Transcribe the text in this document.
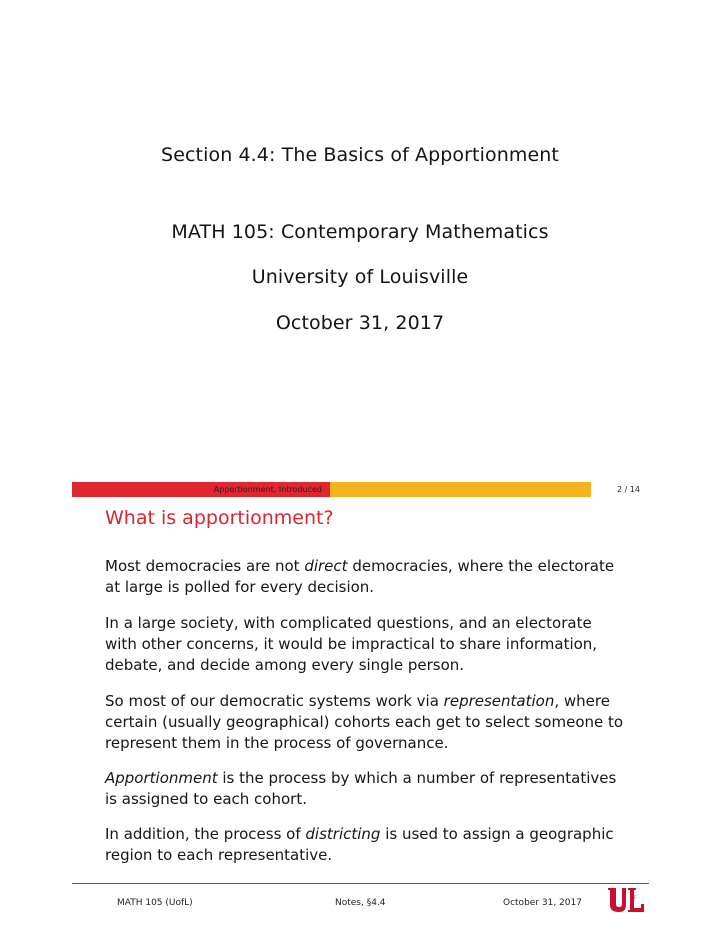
Section 4.4: The Basics of Apportionment
MATH 105: Contemporary Mathematics
University of Louisville
October 31, 2017
Apportionment, Introduced	2 / 14
What is apportionment?
Most democracies are not direct democracies, where the electorate at large is polled for every decision.
In a large society, with complicated questions, and an electorate with other concerns, it would be impractical to share information, debate, and decide among every single person.
So most of our democratic systems work via representation, where certain (usually geographical) cohorts each get to select someone to represent them in the process of governance.
Apportionment is the process by which a number of representatives is assigned to each cohort.
In addition, the process of districting is used to assign a geographic region to each representative.
MATH 105 (UofL)	Notes, §4.4	October 31, 2017
OF
